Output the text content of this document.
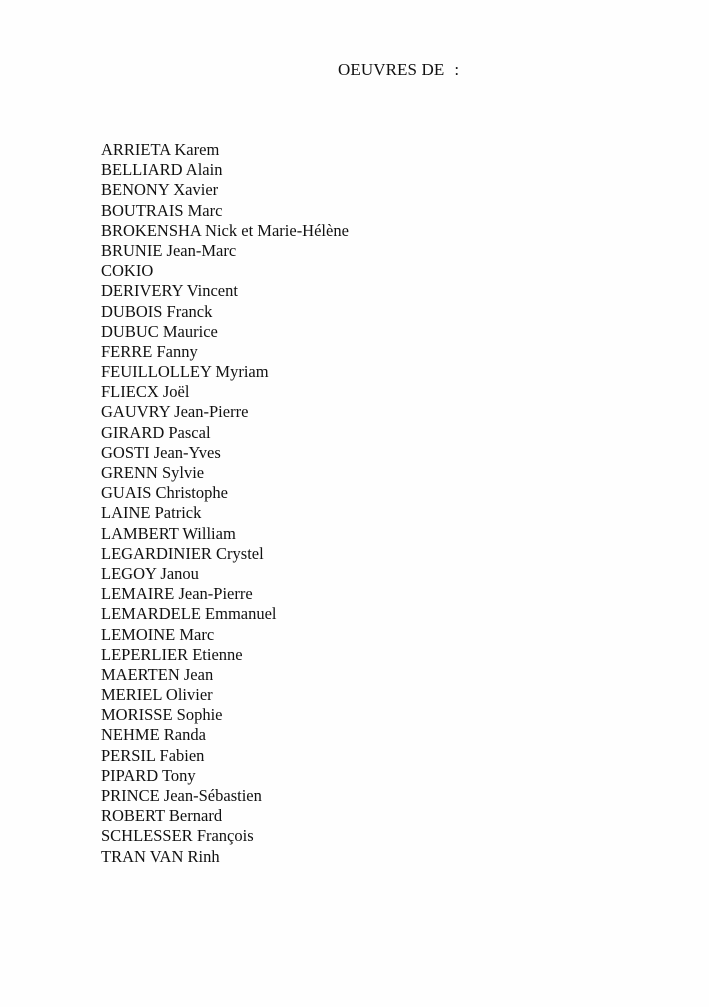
OEUVRES DE :
ARRIETA Karem
BELLIARD Alain
BENONY Xavier
BOUTRAIS Marc
BROKENSHA Nick et Marie-Hélène
BRUNIE Jean-Marc
COKIO
DERIVERY Vincent
DUBOIS Franck
DUBUC Maurice
FERRE Fanny
FEUILLOLLEY Myriam
FLIECX Joël
GAUVRY Jean-Pierre
GIRARD Pascal
GOSTI Jean-Yves
GRENN Sylvie
GUAIS Christophe
LAINE Patrick
LAMBERT William
LEGARDINIER Crystel
LEGOY Janou
LEMAIRE Jean-Pierre
LEMARDELE Emmanuel
LEMOINE Marc
LEPERLIER Etienne
MAERTEN Jean
MERIEL Olivier
MORISSE Sophie
NEHME Randa
PERSIL Fabien
PIPARD Tony
PRINCE Jean-Sébastien
ROBERT Bernard
SCHLESSER François
TRAN VAN Rinh
